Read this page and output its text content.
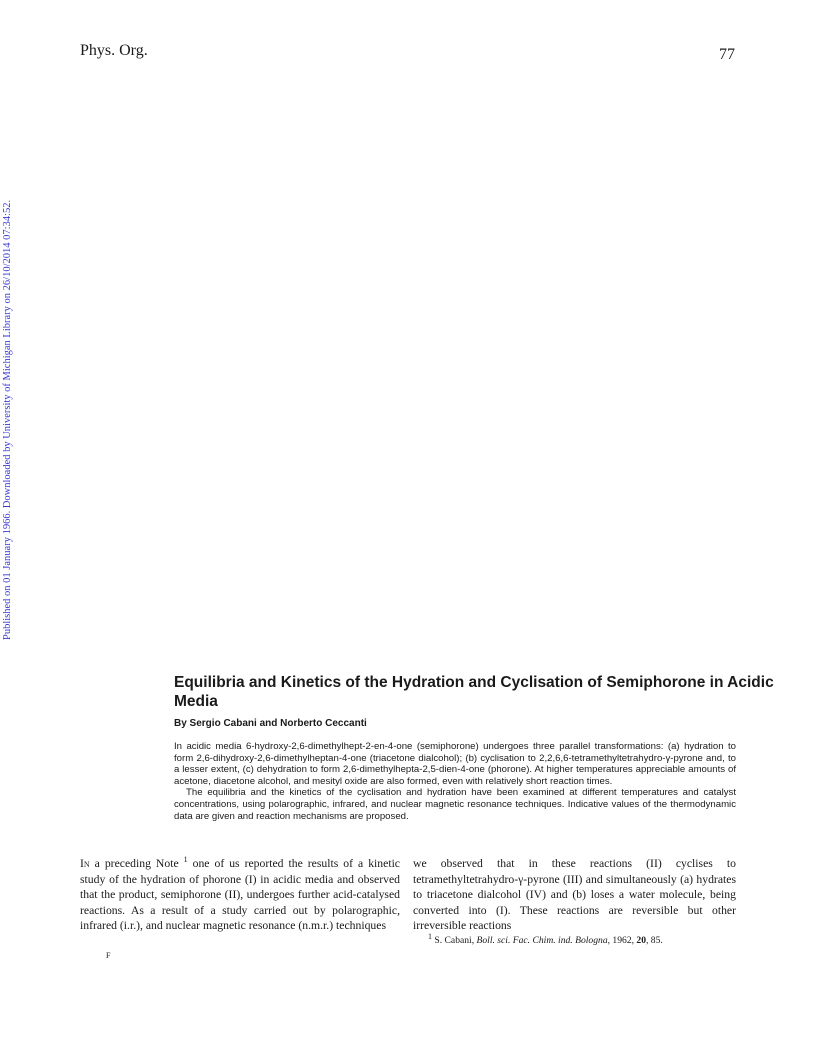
Phys. Org.	77
Published on 01 January 1966. Downloaded by University of Michigan Library on 26/10/2014 07:34:52.
Equilibria and Kinetics of the Hydration and Cyclisation of Semiphorone in Acidic Media
By Sergio Cabani and Norberto Ceccanti

In acidic media 6-hydroxy-2,6-dimethylhept-2-en-4-one (semiphorone) undergoes three parallel transformations: (a) hydration to form 2,6-dihydroxy-2,6-dimethylheptan-4-one (triacetone dialcohol); (b) cyclisation to 2,2,6,6-tetramethyltetrahydro-γ-pyrone and, to a lesser extent, (c) dehydration to form 2,6-dimethylhepta-2,5-dien-4-one (phorone). At higher temperatures appreciable amounts of acetone, diacetone alcohol, and mesityl oxide are also formed, even with relatively short reaction times.

The equilibria and the kinetics of the cyclisation and hydration have been examined at different temperatures and catalyst concentrations, using polarographic, infrared, and nuclear magnetic resonance techniques. Indicative values of the thermodynamic data are given and reaction mechanisms are proposed.

In a preceding Note $^1$ one of us reported the results of a kinetic study of the hydration of phorone (I) in acidic media and observed that the product, semiphorone (II), undergoes further acid-catalysed reactions. As a result of a study carried out by polarographic, infrared (i.r.), and nuclear magnetic resonance (n.m.r.) techniques

we observed that in these reactions (II) cyclises to tetramethyltetrahydro-γ-pyrone (III) and simultaneously (a) hydrates to triacetone dialcohol (IV) and (b) loses a water molecule, being converted into (I). These reactions are reversible but other irreversible reactions

$^1$ S. Cabani, Boll. sci. Fac. Chim. ind. Bologna, 1962, 20, 85.
F
